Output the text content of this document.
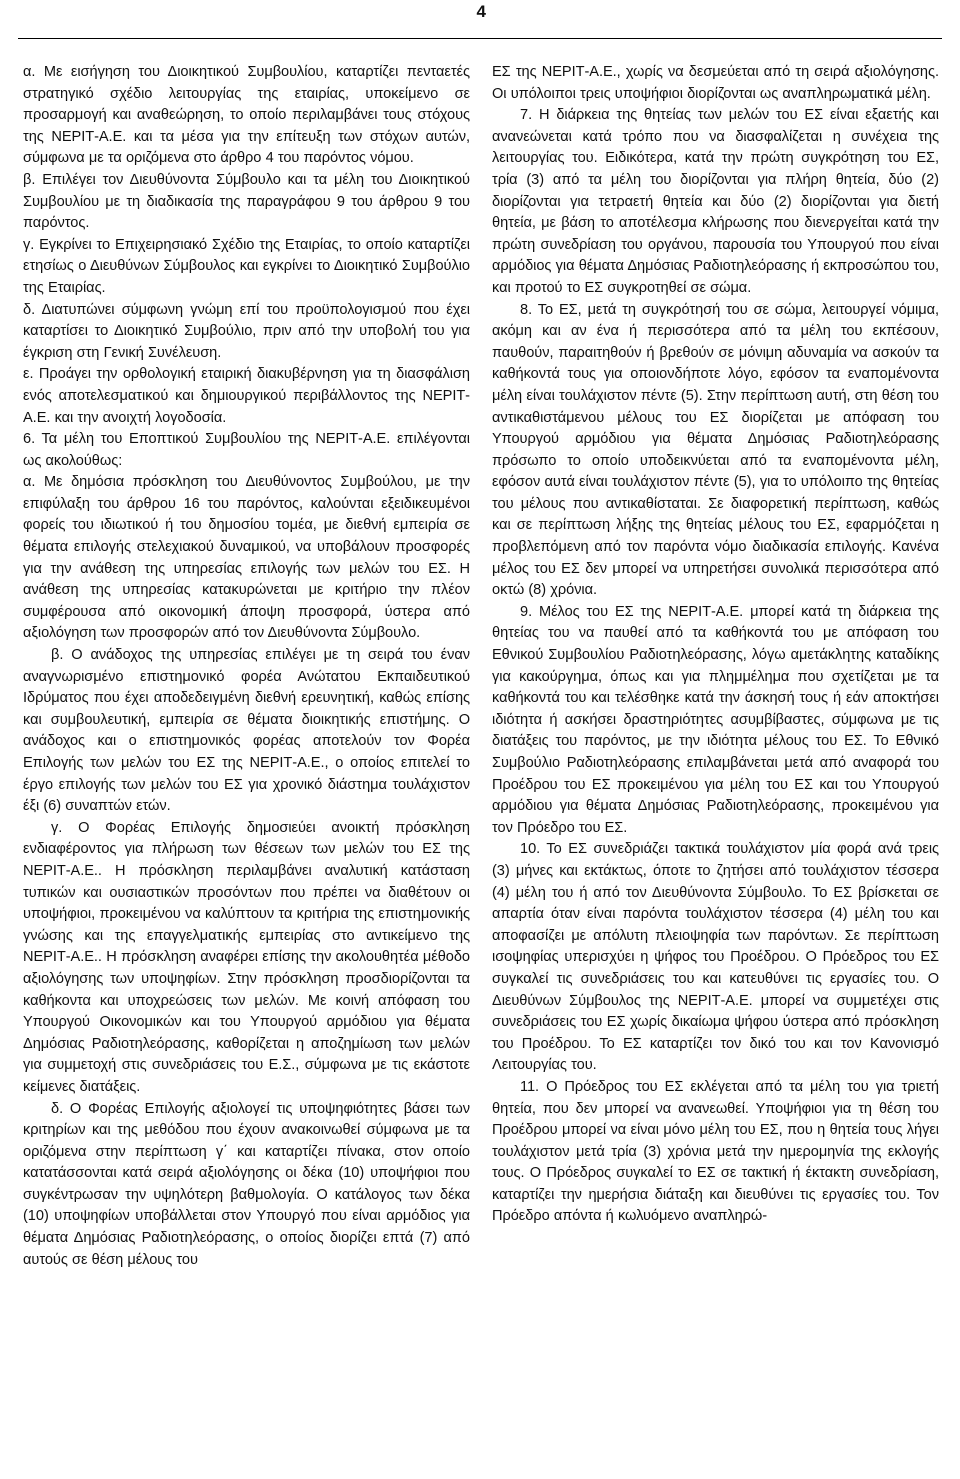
4

α. Με εισήγηση του Διοικητικού Συμβουλίου, καταρτίζει πενταετές στρατηγικό σχέδιο λειτουργίας της εταιρίας, υποκείμενο σε προσαρμογή και αναθεώρηση, το οποίο περιλαμβάνει τους στόχους της ΝΕΡΙΤ-Α.Ε. και τα μέσα για την επίτευξη των στόχων αυτών, σύμφωνα με τα οριζόμενα στο άρθρο 4 του παρόντος νόμου.

β. Επιλέγει τον Διευθύνοντα Σύμβουλο και τα μέλη του Διοικητικού Συμβουλίου με τη διαδικασία της παραγράφου 9 του άρθρου 9 του παρόντος.

γ. Εγκρίνει το Επιχειρησιακό Σχέδιο της Εταιρίας, το οποίο καταρτίζει ετησίως ο Διευθύνων Σύμβουλος και εγκρίνει το Διοικητικό Συμβούλιο της Εταιρίας.

δ. Διατυπώνει σύμφωνη γνώμη επί του προϋπολογισμού που έχει καταρτίσει το Διοικητικό Συμβούλιο, πριν από την υποβολή του για έγκριση στη Γενική Συνέλευση.

ε. Προάγει την ορθολογική εταιρική διακυβέρνηση για τη διασφάλιση ενός αποτελεσματικού και δημιουργικού περιβάλλοντος της ΝΕΡΙΤ-Α.Ε. και την ανοιχτή λογοδοσία.

6. Τα μέλη του Εποπτικού Συμβουλίου της ΝΕΡΙΤ-Α.Ε. επιλέγονται ως ακολούθως:

α. Με δημόσια πρόσκληση του Διευθύνοντος Συμβούλου, με την επιφύλαξη του άρθρου 16 του παρόντος, καλούνται εξειδικευμένοι φορείς του ιδιωτικού ή του δημοσίου τομέα, με διεθνή εμπειρία σε θέματα επιλογής στελεχιακού δυναμικού, να υποβάλουν προσφορές για την ανάθεση της υπηρεσίας επιλογής των μελών του ΕΣ. Η ανάθεση της υπηρεσίας κατακυρώνεται με κριτήριο την πλέον συμφέρουσα από οικονομική άποψη προσφορά, ύστερα από αξιολόγηση των προσφορών από τον Διευθύνοντα Σύμβουλο.

β. Ο ανάδοχος της υπηρεσίας επιλέγει με τη σειρά του έναν αναγνωρισμένο επιστημονικό φορέα Ανώτατου Εκπαιδευτικού Ιδρύματος που έχει αποδεδειγμένη διεθνή ερευνητική, καθώς επίσης και συμβουλευτική, εμπειρία σε θέματα διοικητικής επιστήμης. Ο ανάδοχος και ο επιστημονικός φορέας αποτελούν τον Φορέα Επιλογής των μελών του ΕΣ της ΝΕΡΙΤ-Α.Ε., ο οποίος επιτελεί το έργο επιλογής των μελών του ΕΣ για χρονικό διάστημα τουλάχιστον έξι (6) συναπτών ετών.

γ. Ο Φορέας Επιλογής δημοσιεύει ανοικτή πρόσκληση ενδιαφέροντος για πλήρωση των θέσεων των μελών του ΕΣ της ΝΕΡΙΤ-Α.Ε.. Η πρόσκληση περιλαμβάνει αναλυτική κατάσταση τυπικών και ουσιαστικών προσόντων που πρέπει να διαθέτουν οι υποψήφιοι, προκειμένου να καλύπτουν τα κριτήρια της επιστημονικής γνώσης και της επαγγελματικής εμπειρίας στο αντικείμενο της ΝΕΡΙΤ-Α.Ε.. Η πρόσκληση αναφέρει επίσης την ακολουθητέα μέθοδο αξιολόγησης των υποψηφίων. Στην πρόσκληση προσδιορίζονται τα καθήκοντα και υποχρεώσεις των μελών. Με κοινή απόφαση του Υπουργού Οικονομικών και του Υπουργού αρμόδιου για θέματα Δημόσιας Ραδιοτηλεόρασης, καθορίζεται η αποζημίωση των μελών για συμμετοχή στις συνεδριάσεις του Ε.Σ., σύμφωνα με τις εκάστοτε κείμενες διατάξεις.

δ. Ο Φορέας Επιλογής αξιολογεί τις υποψηφιότητες βάσει των κριτηρίων και της μεθόδου που έχουν ανακοινωθεί σύμφωνα με τα οριζόμενα στην περίπτωση γ΄ και καταρτίζει πίνακα, στον οποίο κατατάσσονται κατά σειρά αξιολόγησης οι δέκα (10) υποψήφιοι που συγκέντρωσαν την υψηλότερη βαθμολογία. Ο κατάλογος των δέκα (10) υποψηφίων υποβάλλεται στον Υπουργό που είναι αρμόδιος για θέματα Δημόσιας Ραδιοτηλεόρασης, ο οποίος διορίζει επτά (7) από αυτούς σε θέση μέλους του

ΕΣ της ΝΕΡΙΤ-Α.Ε., χωρίς να δεσμεύεται από τη σειρά αξιολόγησης. Οι υπόλοιποι τρεις υποψήφιοι διορίζονται ως αναπληρωματικά μέλη.

7. Η διάρκεια της θητείας των μελών του ΕΣ είναι εξαετής και ανανεώνεται κατά τρόπο που να διασφαλίζεται η συνέχεια της λειτουργίας του. Ειδικότερα, κατά την πρώτη συγκρότηση του ΕΣ, τρία (3) από τα μέλη του διορίζονται για πλήρη θητεία, δύο (2) διορίζονται για τετραετή θητεία και δύο (2) διορίζονται για διετή θητεία, με βάση το αποτέλεσμα κλήρωσης που διενεργείται κατά την πρώτη συνεδρίαση του οργάνου, παρουσία του Υπουργού που είναι αρμόδιος για θέματα Δημόσιας Ραδιοτηλεόρασης ή εκπροσώπου του, και προτού το ΕΣ συγκροτηθεί σε σώμα.

8. Το ΕΣ, μετά τη συγκρότησή του σε σώμα, λειτουργεί νόμιμα, ακόμη και αν ένα ή περισσότερα από τα μέλη του εκπέσουν, παυθούν, παραιτηθούν ή βρεθούν σε μόνιμη αδυναμία να ασκούν τα καθήκοντά τους για οποιονδήποτε λόγο, εφόσον τα εναπομένοντα μέλη είναι τουλάχιστον πέντε (5). Στην περίπτωση αυτή, στη θέση του αντικαθιστάμενου μέλους του ΕΣ διορίζεται με απόφαση του Υπουργού αρμόδιου για θέματα Δημόσιας Ραδιοτηλεόρασης πρόσωπο το οποίο υποδεικνύεται από τα εναπομένοντα μέλη, εφόσον αυτά είναι τουλάχιστον πέντε (5), για το υπόλοιπο της θητείας του μέλους που αντικαθίσταται. Σε διαφορετική περίπτωση, καθώς και σε περίπτωση λήξης της θητείας μέλους του ΕΣ, εφαρμόζεται η προβλεπόμενη από τον παρόντα νόμο διαδικασία επιλογής. Κανένα μέλος του ΕΣ δεν μπορεί να υπηρετήσει συνολικά περισσότερα από οκτώ (8) χρόνια.

9. Μέλος του ΕΣ της ΝΕΡΙΤ-Α.Ε. μπορεί κατά τη διάρκεια της θητείας του να παυθεί από τα καθήκοντά του με απόφαση του Εθνικού Συμβουλίου Ραδιοτηλεόρασης, λόγω αμετάκλητης καταδίκης για κακούργημα, όπως και για πλημμέλημα που σχετίζεται με τα καθήκοντά του και τελέσθηκε κατά την άσκησή τους ή εάν αποκτήσει ιδιότητα ή ασκήσει δραστηριότητες ασυμβίβαστες, σύμφωνα με τις διατάξεις του παρόντος, με την ιδιότητα μέλους του ΕΣ. Το Εθνικό Συμβούλιο Ραδιοτηλεόρασης επιλαμβάνεται μετά από αναφορά του Προέδρου του ΕΣ προκειμένου για μέλη του ΕΣ και του Υπουργού αρμόδιου για θέματα Δημόσιας Ραδιοτηλεόρασης, προκειμένου για τον Πρόεδρο του ΕΣ.

10. Το ΕΣ συνεδριάζει τακτικά τουλάχιστον μία φορά ανά τρεις (3) μήνες και εκτάκτως, όποτε το ζητήσει από τουλάχιστον τέσσερα (4) μέλη του ή από τον Διευθύνοντα Σύμβουλο. Το ΕΣ βρίσκεται σε απαρτία όταν είναι παρόντα τουλάχιστον τέσσερα (4) μέλη του και αποφασίζει με απόλυτη πλειοψηφία των παρόντων. Σε περίπτωση ισοψηφίας υπερισχύει η ψήφος του Προέδρου. Ο Πρόεδρος του ΕΣ συγκαλεί τις συνεδριάσεις του και κατευθύνει τις εργασίες του. Ο Διευθύνων Σύμβουλος της ΝΕΡΙΤ-Α.Ε. μπορεί να συμμετέχει στις συνεδριάσεις του ΕΣ χωρίς δικαίωμα ψήφου ύστερα από πρόσκληση του Προέδρου. Το ΕΣ καταρτίζει τον δικό του και τον Κανονισμό Λειτουργίας του.

11. Ο Πρόεδρος του ΕΣ εκλέγεται από τα μέλη του για τριετή θητεία, που δεν μπορεί να ανανεωθεί. Υποψήφιοι για τη θέση του Προέδρου μπορεί να είναι μόνο μέλη του ΕΣ, που η θητεία τους λήγει τουλάχιστον μετά τρία (3) χρόνια μετά την ημερομηνία της εκλογής τους. Ο Πρόεδρος συγκαλεί το ΕΣ σε τακτική ή έκτακτη συνεδρίαση, καταρτίζει την ημερήσια διάταξη και διευθύνει τις εργασίες του. Τον Πρόεδρο απόντα ή κωλυόμενο αναπληρώ-
